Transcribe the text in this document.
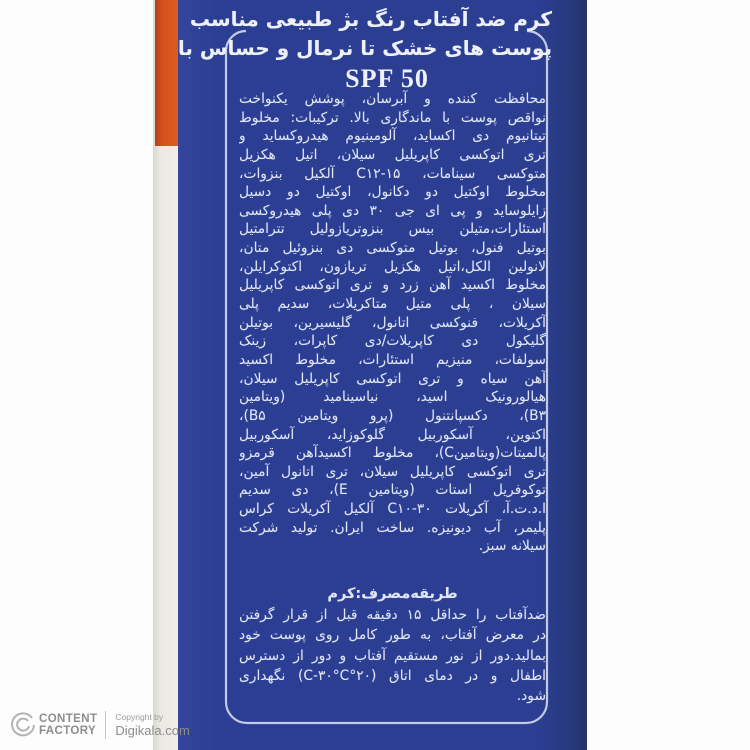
کرم ضد آفتاب رنگ بژ طبیعی مناسب
پوست های خشک تا نرمال و حساس با
SPF 50
محافظت کننده و آبرسان، پوشش یکنواخت
نواقص پوست با ماندگاری بالا. ترکیبات: مخلوط
تیتانیوم دی اکساید، آلومینیوم هیدروکساید و
تری اتوکسی کاپریلیل سیلان، اتیل هکزیل
متوکسی سینامات، C۱۲-۱۵ آلکیل بنزوات،
مخلوط اوکتیل دو دکانول، اوکتیل دو دسیل
زایلوساید و پی ای جی ۳۰ دی پلی هیدروکسی
استئارات،متیلن بیس بنزوتریازولیل تترامتیل
بوتیل فنول، بوتیل متوکسی دی بنزوئیل متان،
لانولین الکل،اتیل هکزیل تریازون، اکتوکرایلن،
مخلوط اکسید آهن زرد و تری اتوکسی کاپریلیل
سیلان ، پلی متیل متاکریلات، سدیم پلی
آکریلات، فنوکسی اتانول، گلیسیرین، بوتیلن
گلیکول دی کاپریلات/دی کاپرات، زینک
سولفات، منیزیم استئارات، مخلوط اکسید
آهن سیاه و تری اتوکسی کاپریلیل سیلان،
هیالورونیک اسید، نیاسینامید (ویتامین
B۳)، دکسپانتنول (پرو ویتامین B۵)،
اکتوین، آسکوربیل گلوکوزاید، آسکوربیل
پالمیتات(ویتامینC)، مخلوط اکسیدآهن قرمزو
تری اتوکسی کاپریلیل سیلان، تری اتانول آمین،
توکوفریل استات (ویتامین E)، دی سدیم
ا.د.ت.آ، آکریلات C۱۰-۳۰ آلکیل آکریلات کراس
پلیمر، آب دیونیزه. ساخت ایران. تولید شرکت
سیلانه سبز.
طریقه‌مصرف:کرم
ضدآفتاب را حداقل ۱۵ دقیقه قبل از قرار گرفتن
در معرض آفتاب، به طور کامل روی پوست خود
بمالید.دور از نور مستقیم آفتاب و دور از دسترس
اطفال و در دمای اتاق (۲۰°C-۳۰°C) نگهداری
شود.
CONTENT
FACTORY
Copyright by
Digikala.com
